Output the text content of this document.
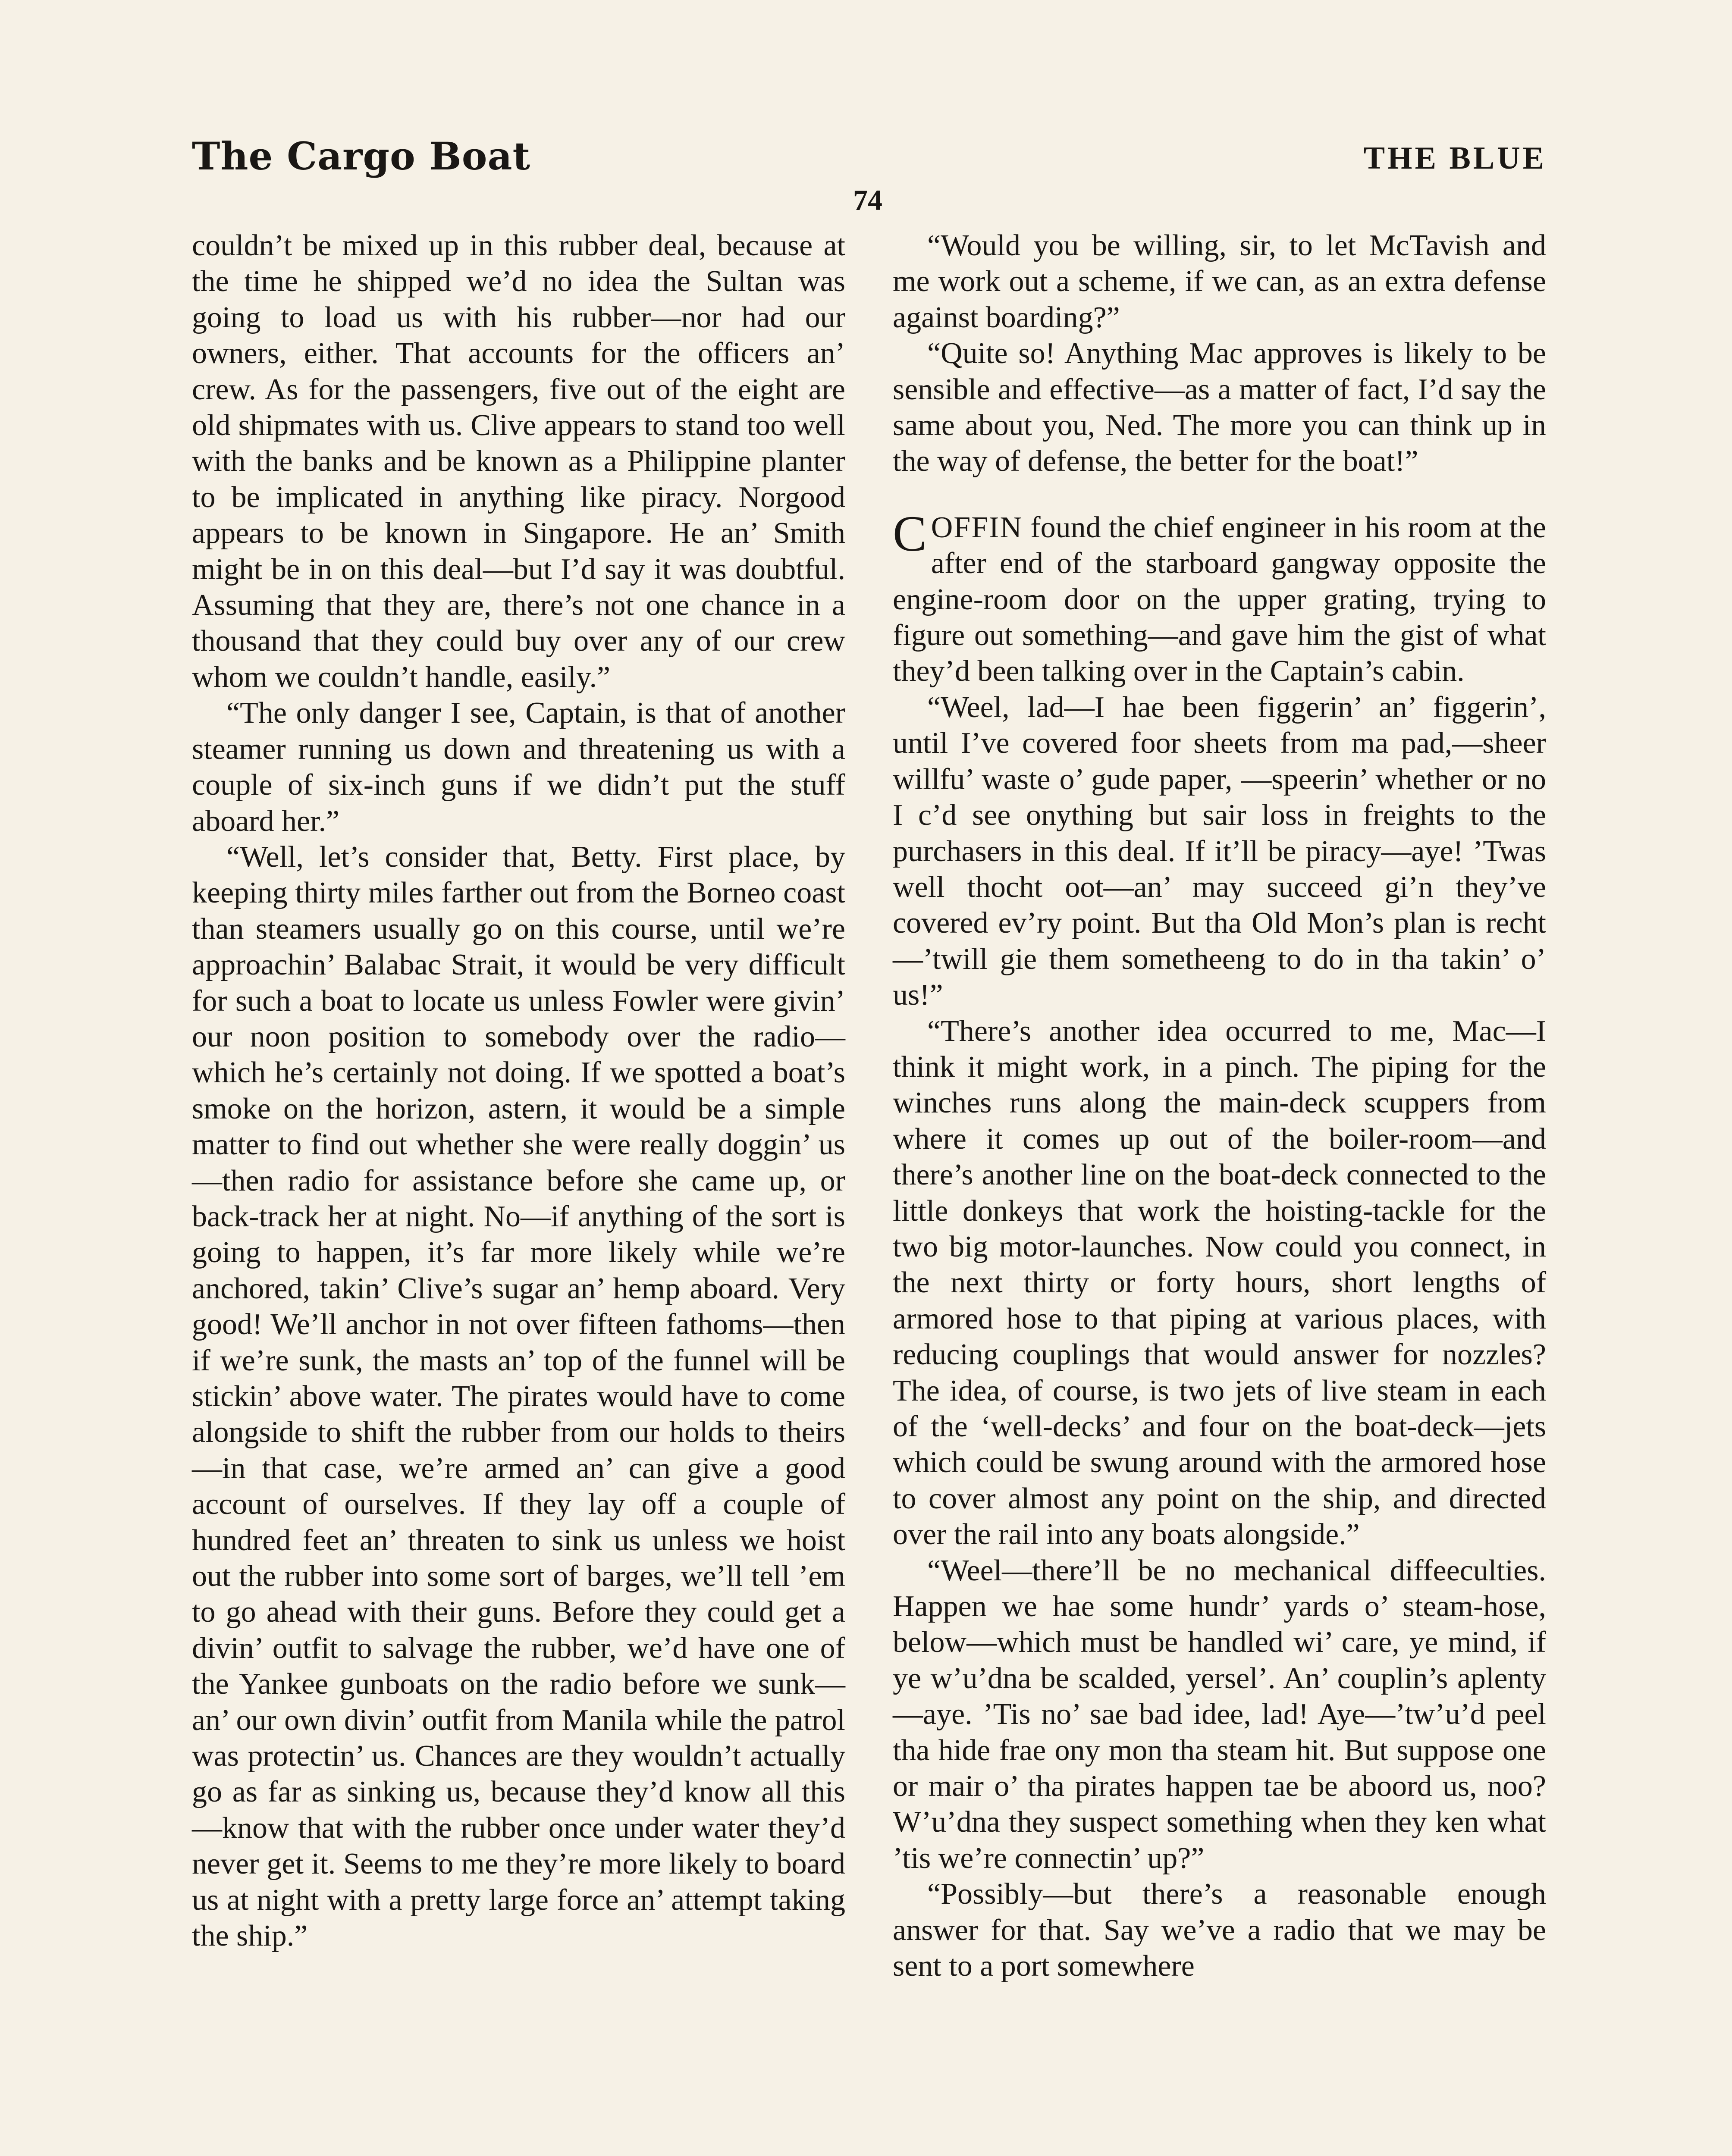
The Cargo Boat	THE BLUE
74

couldn’t be mixed up in this rubber deal, because at the time he shipped we’d no idea the Sultan was going to load us with his rubber—nor had our owners, either. That accounts for the officers an’ crew. As for the passengers, five out of the eight are old shipmates with us. Clive appears to stand too well with the banks and be known as a Philippine planter to be implicated in anything like piracy. Norgood appears to be known in Singapore. He an’ Smith might be in on this deal—but I’d say it was doubtful. Assuming that they are, there’s not one chance in a thousand that they could buy over any of our crew whom we couldn’t handle, easily.”

“The only danger I see, Captain, is that of another steamer running us down and threatening us with a couple of six-inch guns if we didn’t put the stuff aboard her.”

“Well, let’s consider that, Betty. First place, by keeping thirty miles farther out from the Borneo coast than steamers usually go on this course, until we’re approachin’ Balabac Strait, it would be very difficult for such a boat to locate us unless Fowler were givin’ our noon position to somebody over the radio—which he’s certainly not doing. If we spotted a boat’s smoke on the horizon, astern, it would be a simple matter to find out whether she were really doggin’ us—then radio for assistance before she came up, or back-track her at night. No—if anything of the sort is going to happen, it’s far more likely while we’re anchored, takin’ Clive’s sugar an’ hemp aboard. Very good! We’ll anchor in not over fifteen fathoms—then if we’re sunk, the masts an’ top of the funnel will be stickin’ above water. The pirates would have to come alongside to shift the rubber from our holds to theirs—in that case, we’re armed an’ can give a good account of ourselves. If they lay off a couple of hundred feet an’ threaten to sink us unless we hoist out the rubber into some sort of barges, we’ll tell ’em to go ahead with their guns. Before they could get a divin’ outfit to salvage the rubber, we’d have one of the Yankee gunboats on the radio before we sunk—an’ our own divin’ outfit from Manila while the patrol was protectin’ us. Chances are they wouldn’t actually go as far as sinking us, because they’d know all this—know that with the rubber once under water they’d never get it. Seems to me they’re more likely to board us at night with a pretty large force an’ attempt taking the ship.”

“Would you be willing, sir, to let McTavish and me work out a scheme, if we can, as an extra defense against boarding?”

“Quite so! Anything Mac approves is likely to be sensible and effective—as a matter of fact, I’d say the same about you, Ned. The more you can think up in the way of defense, the better for the boat!”

COFFIN found the chief engineer in his room at the after end of the starboard gangway opposite the engine-room door on the upper grating, trying to figure out something—and gave him the gist of what they’d been talking over in the Captain’s cabin.

“Weel, lad—I hae been figgerin’ an’ figgerin’, until I’ve covered foor sheets from ma pad,—sheer willfu’ waste o’ gude paper, —speerin’ whether or no I c’d see onything but sair loss in freights to the purchasers in this deal. If it’ll be piracy—aye! ’Twas well thocht oot—an’ may succeed gi’n they’ve covered ev’ry point. But tha Old Mon’s plan is recht—’twill gie them somethеeng to do in tha takin’ o’ us!”

“There’s another idea occurred to me, Mac—I think it might work, in a pinch. The piping for the winches runs along the main-deck scuppers from where it comes up out of the boiler-room—and there’s another line on the boat-deck connected to the little donkeys that work the hoisting-tackle for the two big motor-launches. Now could you connect, in the next thirty or forty hours, short lengths of armored hose to that piping at various places, with reducing couplings that would answer for nozzles? The idea, of course, is two jets of live steam in each of the ‘well-decks’ and four on the boat-deck—jets which could be swung around with the armored hose to cover almost any point on the ship, and directed over the rail into any boats alongside.”

“Weel—there’ll be no mechanical diffeeculties. Happen we hae some hundr’ yards o’ steam-hose, below—which must be handled wi’ care, ye mind, if ye w’u’dna be scalded, yersel’. An’ couplin’s aplenty —aye. ’Tis no’ sae bad idee, lad! Aye—’tw’u’d peel tha hide frae ony mon tha steam hit. But suppose one or mair o’ tha pirates happen tae be aboord us, noo? W’u’dna they suspect something when they ken what ’tis we’re connectin’ up?”

“Possibly—but there’s a reasonable enough answer for that. Say we’ve a radio that we may be sent to a port somewhere
